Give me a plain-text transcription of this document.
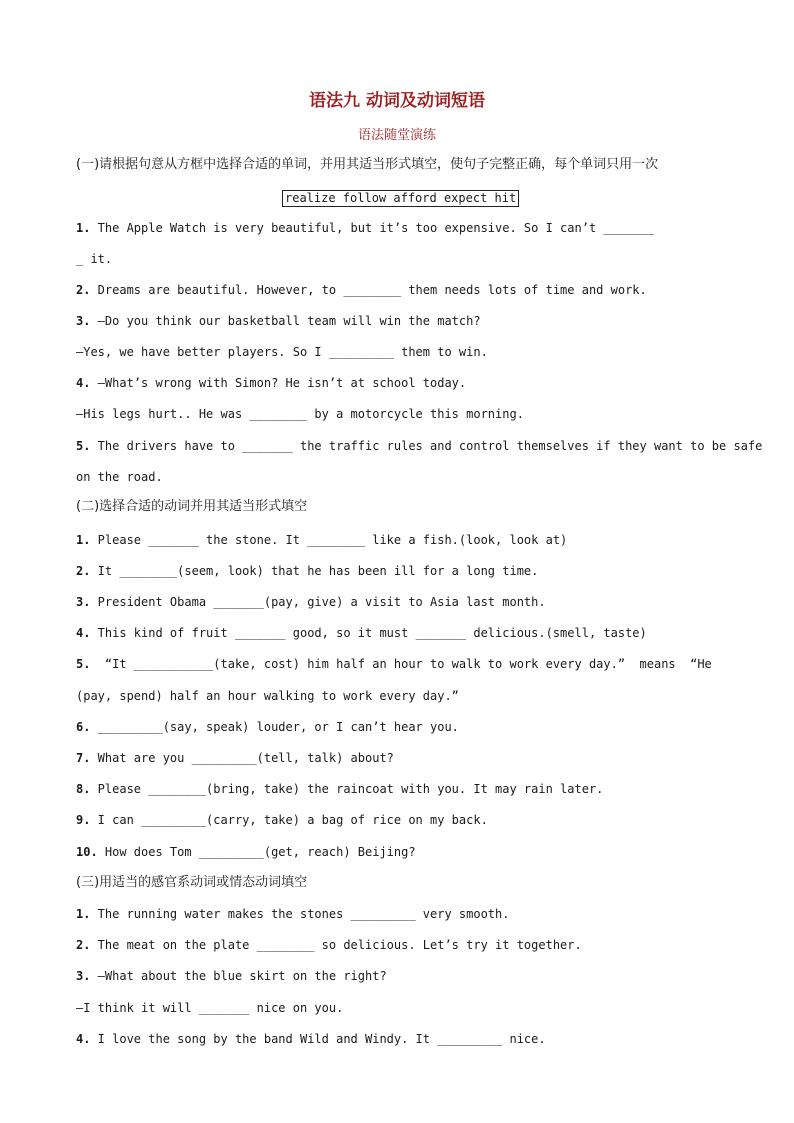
语法九 动词及动词短语
语法随堂演练
(一)请根据句意从方框中选择合适的单词，并用其适当形式填空，使句子完整正确，每个单词只用一次
realize follow afford expect hit
1. The Apple Watch is very beautiful, but it’s too expensive. So I can’t _______
_ it.
2. Dreams are beautiful. However, to ________ them needs lots of time and work.
3. —Do you think our basketball team will win the match?
—Yes, we have better players. So I _________ them to win.
4. —What’s wrong with Simon? He isn’t at school today.
—His legs hurt.. He was ________ by a motorcycle this morning.
5. The drivers have to _______ the traffic rules and control themselves if they want to be safe
on the road.
(二)选择合适的动词并用其适当形式填空
1. Please _______ the stone. It ________ like a fish.(look, look at)
2. It ________(seem, look) that he has been ill for a long time.
3. President Obama _______(pay, give) a visit to Asia last month.
4. This kind of fruit _______ good, so it must _______ delicious.(smell, taste)
5.  “It ___________(take, cost) him half an hour to walk to work every day.”  means  “He
(pay, spend) half an hour walking to work every day.”
6. _________(say, speak) louder, or I can’t hear you.
7. What are you _________(tell, talk) about?
8. Please ________(bring, take) the raincoat with you. It may rain later.
9. I can _________(carry, take) a bag of rice on my back.
10. How does Tom _________(get, reach) Beijing?
(三)用适当的感官系动词或情态动词填空
1. The running water makes the stones _________ very smooth.
2. The meat on the plate ________ so delicious. Let’s try it together.
3. —What about the blue skirt on the right?
—I think it will _______ nice on you.
4. I love the song by the band Wild and Windy. It _________ nice.
